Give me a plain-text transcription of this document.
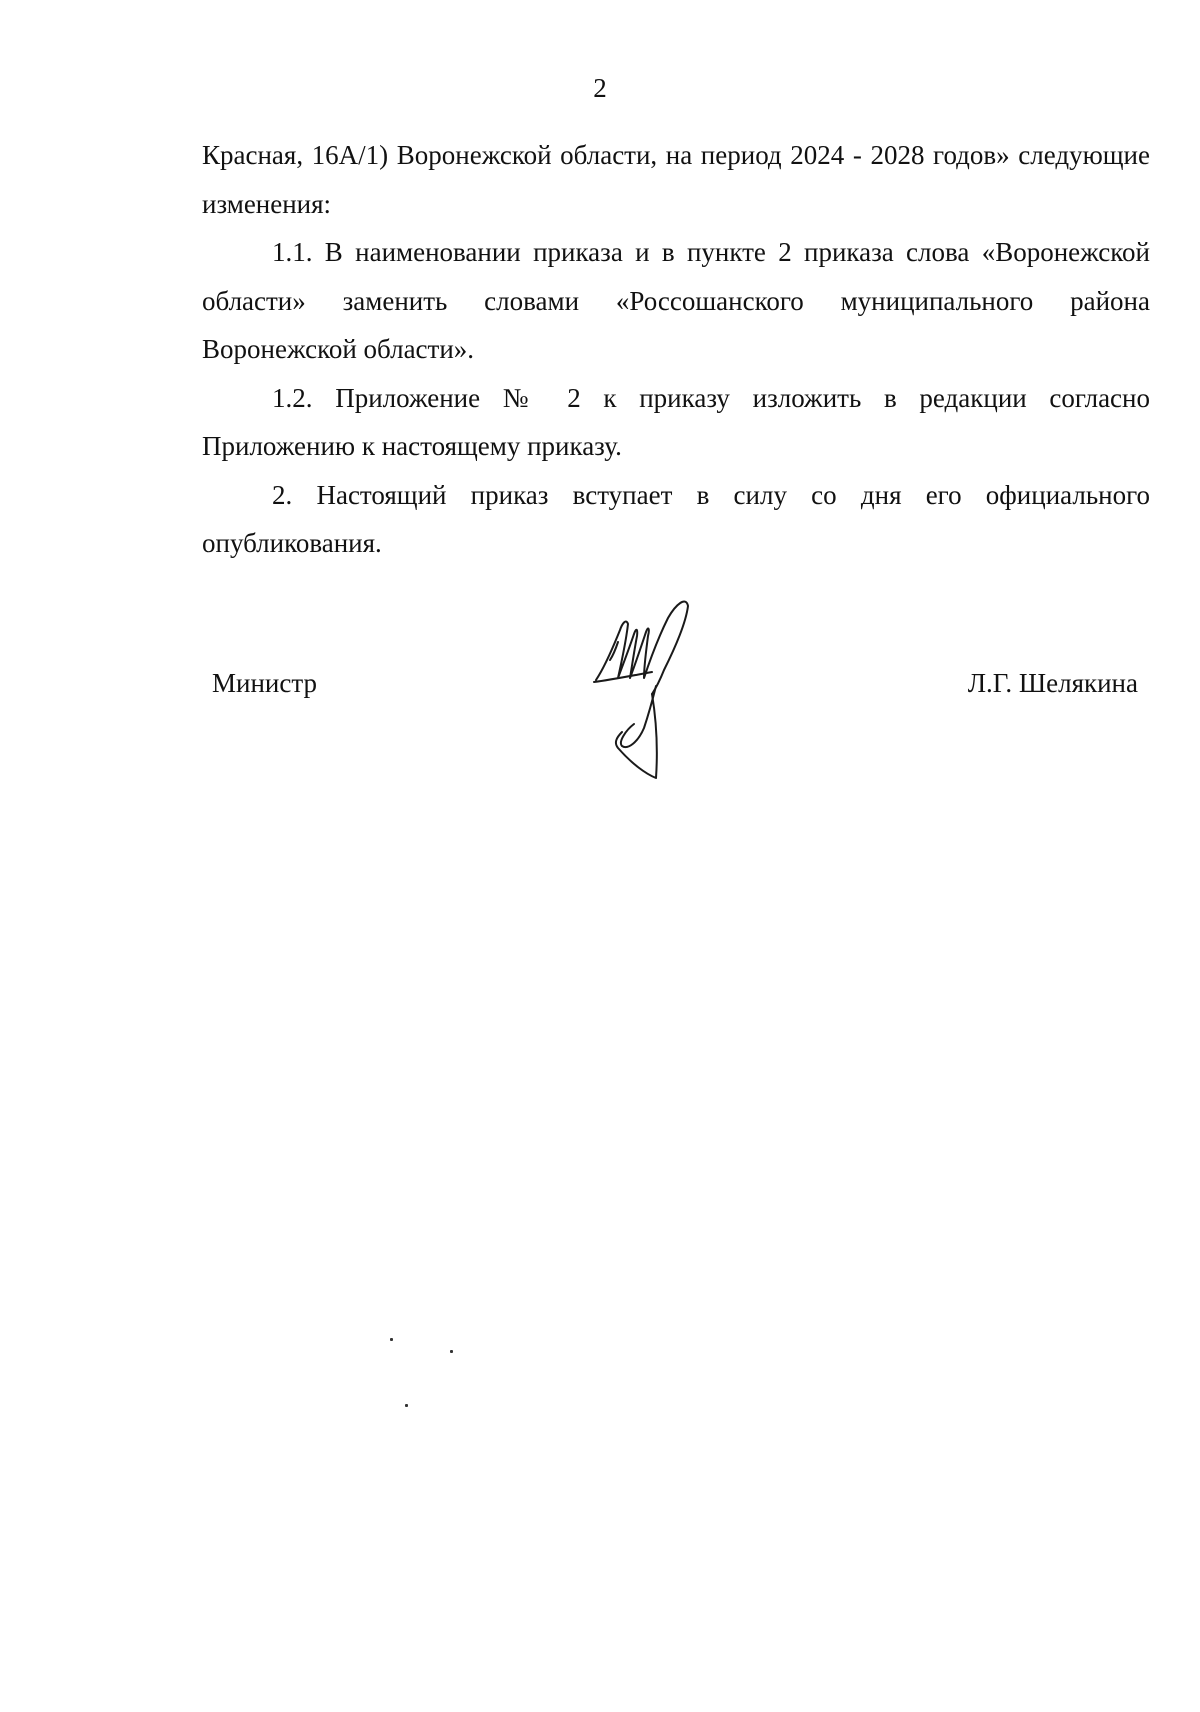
2

Красная, 16А/1) Воронежской области, на период 2024 - 2028 годов» следующие изменения:

1.1. В наименовании приказа и в пункте 2 приказа слова «Воронежской области» заменить словами «Россошанского муниципального района Воронежской области».

1.2. Приложение № 2 к приказу изложить в редакции согласно Приложению к настоящему приказу.

2. Настоящий приказ вступает в силу со дня его официального опубликования.

Министр	Л.Г. Шелякина
